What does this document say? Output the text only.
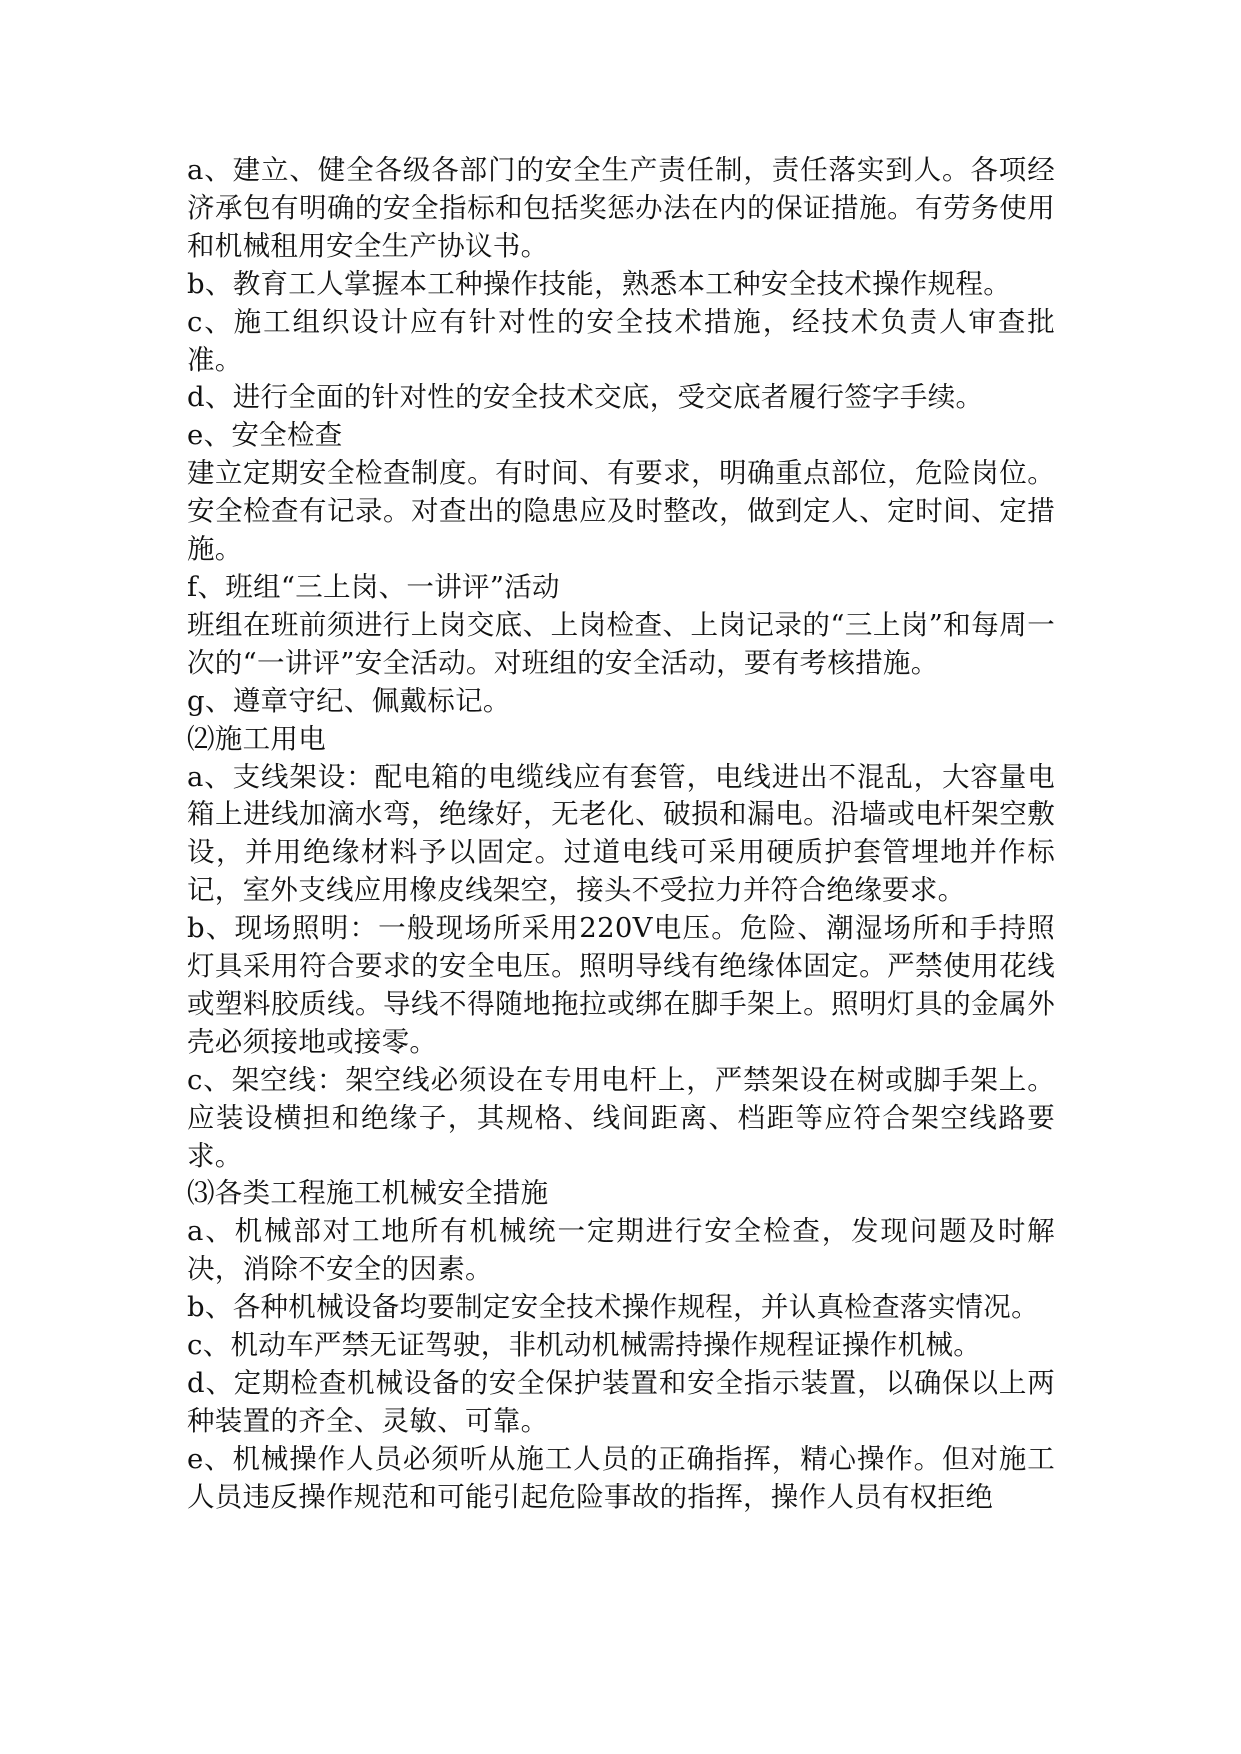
a、建立、健全各级各部门的安全生产责任制，责任落实到人。各项经济承包有明确的安全指标和包括奖惩办法在内的保证措施。有劳务使用和机械租用安全生产协议书。

b、教育工人掌握本工种操作技能，熟悉本工种安全技术操作规程。

c、施工组织设计应有针对性的安全技术措施，经技术负责人审查批准。

d、进行全面的针对性的安全技术交底，受交底者履行签字手续。

e、安全检查

建立定期安全检查制度。有时间、有要求，明确重点部位，危险岗位。安全检查有记录。对查出的隐患应及时整改，做到定人、定时间、定措施。

f、班组“三上岗、一讲评”活动

班组在班前须进行上岗交底、上岗检查、上岗记录的“三上岗”和每周一次的“一讲评”安全活动。对班组的安全活动，要有考核措施。

g、遵章守纪、佩戴标记。

⑵施工用电

a、支线架设：配电箱的电缆线应有套管，电线进出不混乱，大容量电箱上进线加滴水弯，绝缘好，无老化、破损和漏电。沿墙或电杆架空敷设，并用绝缘材料予以固定。过道电线可采用硬质护套管埋地并作标记，室外支线应用橡皮线架空，接头不受拉力并符合绝缘要求。

b、现场照明：一般现场所采用220V电压。危险、潮湿场所和手持照灯具采用符合要求的安全电压。照明导线有绝缘体固定。严禁使用花线或塑料胶质线。导线不得随地拖拉或绑在脚手架上。照明灯具的金属外壳必须接地或接零。

c、架空线：架空线必须设在专用电杆上，严禁架设在树或脚手架上。应装设横担和绝缘子，其规格、线间距离、档距等应符合架空线路要求。

⑶各类工程施工机械安全措施

a、机械部对工地所有机械统一定期进行安全检查，发现问题及时解决，消除不安全的因素。

b、各种机械设备均要制定安全技术操作规程，并认真检查落实情况。

c、机动车严禁无证驾驶，非机动机械需持操作规程证操作机械。

d、定期检查机械设备的安全保护装置和安全指示装置，以确保以上两种装置的齐全、灵敏、可靠。

e、机械操作人员必须听从施工人员的正确指挥，精心操作。但对施工人员违反操作规范和可能引起危险事故的指挥，操作人员有权拒绝
